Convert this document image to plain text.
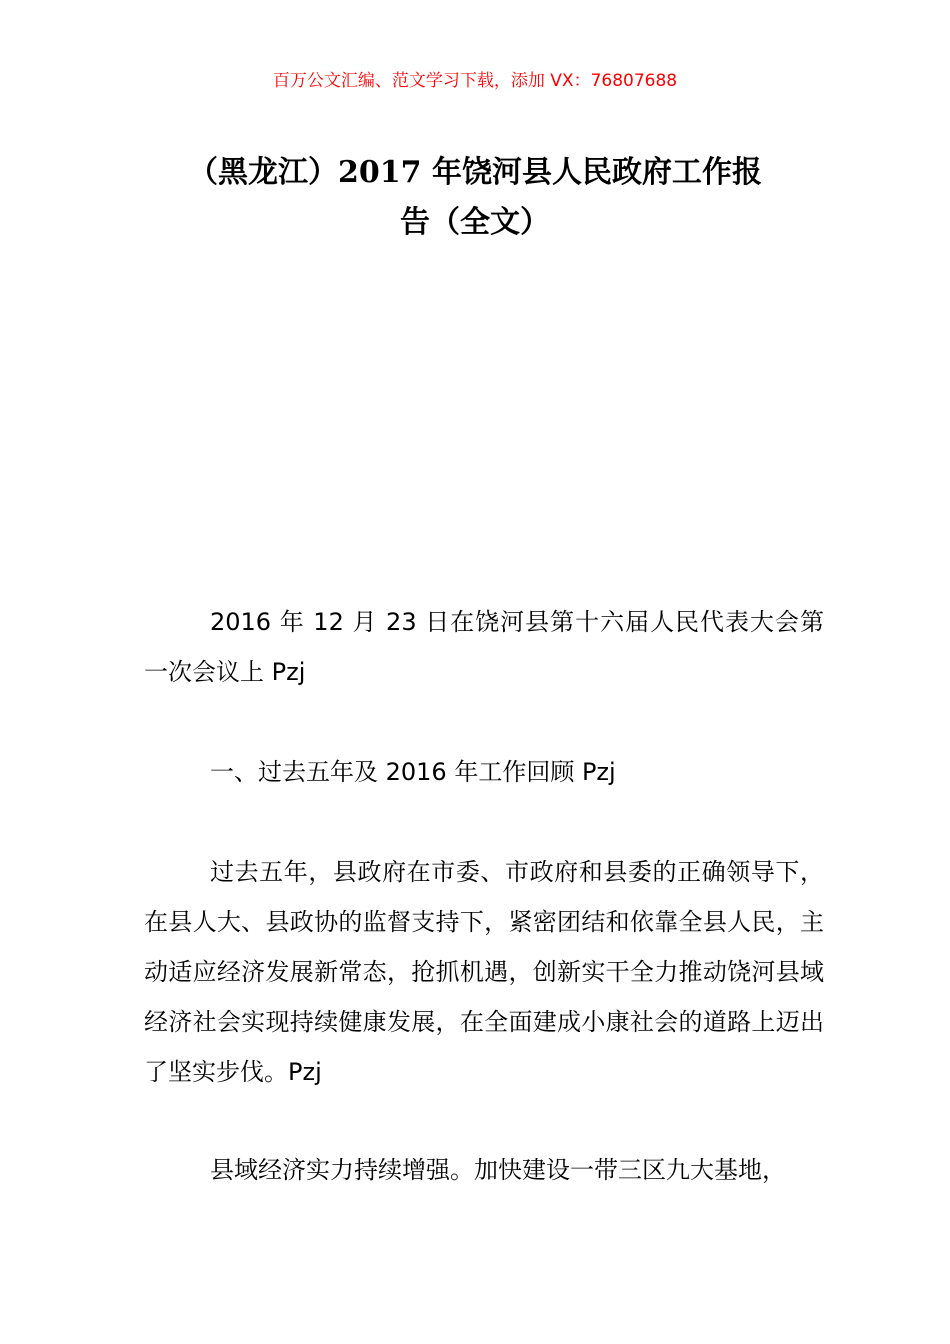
百万公文汇编、范文学习下载，添加 VX：76807688
（黑龙江）2017 年饶河县人民政府工作报
告（全文）

2016 年 12 月 23 日在饶河县第十六届人民代表大会第一次会议上 Pzj

一、过去五年及 2016 年工作回顾 Pzj

过去五年，县政府在市委、市政府和县委的正确领导下，在县人大、县政协的监督支持下，紧密团结和依靠全县人民，主动适应经济发展新常态，抢抓机遇，创新实干全力推动饶河县域经济社会实现持续健康发展，在全面建成小康社会的道路上迈出了坚实步伐。Pzj

县域经济实力持续增强。加快建设一带三区九大基地，
